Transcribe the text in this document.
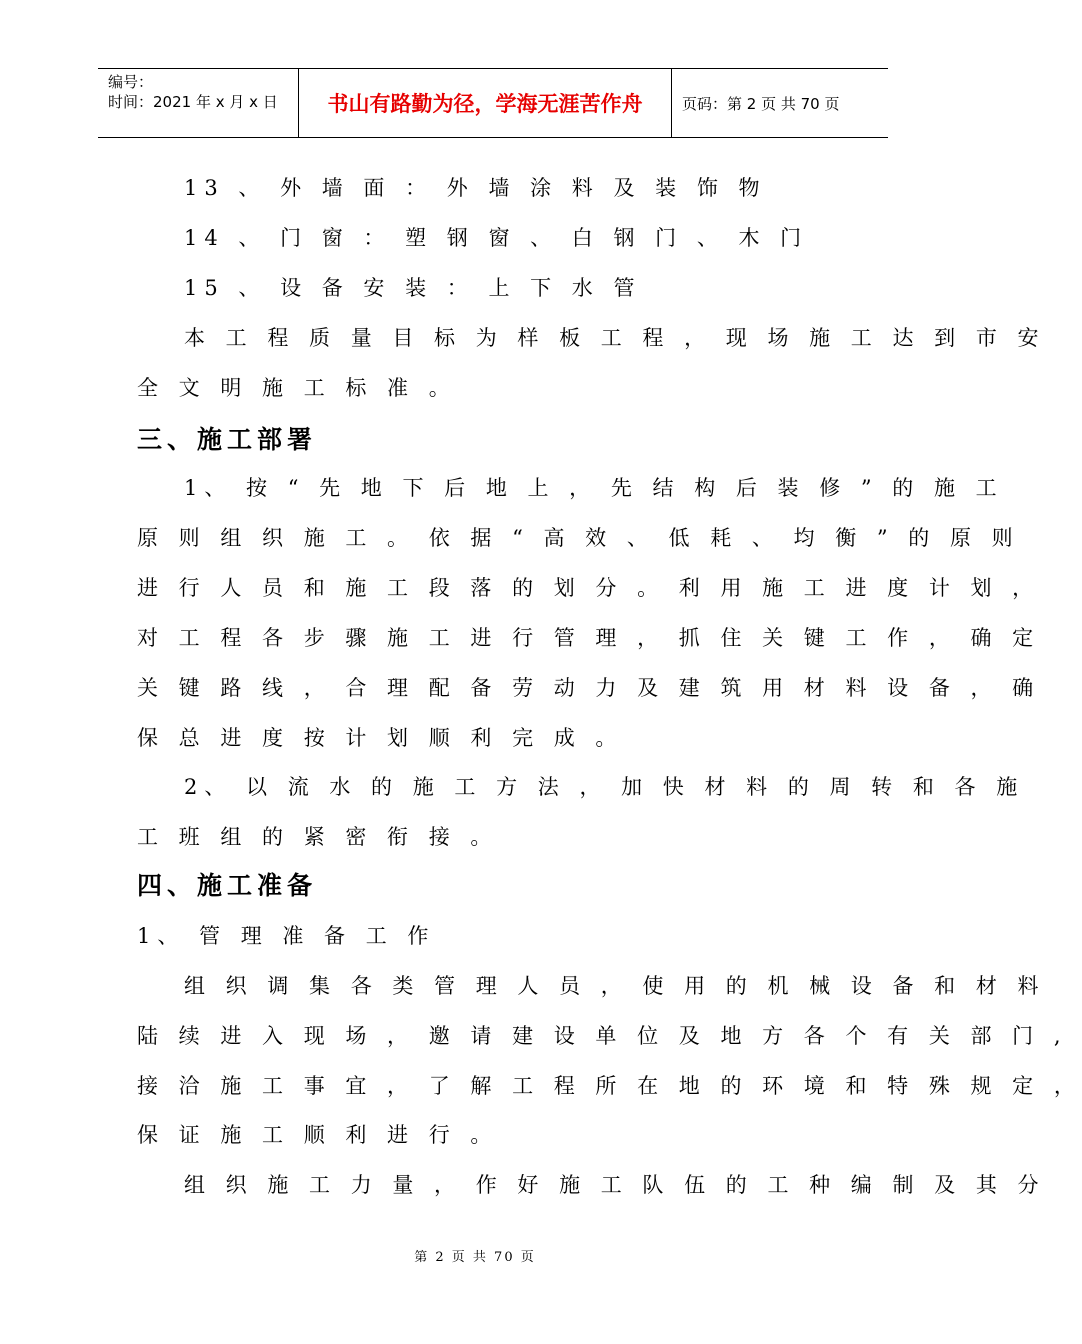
编号：
时间：2021 年 x 月 x 日 书山有路勤为径，学海无涯苦作舟	页码：第 2 页 共 70 页
13 、 外 墙 面 ： 外 墙 涂 料 及 装 饰 物
14 、 门 窗 ： 塑 钢 窗 、 白 钢 门 、 木 门
15 、 设 备 安 装 ： 上 下 水 管
本 工 程 质 量 目 标 为 样 板 工 程 ， 现 场 施 工 达 到 市 安
全 文 明 施 工 标 准 。
三、施工部署
1、 按 “ 先 地 下 后 地 上 ， 先 结 构 后 装 修 ” 的 施 工
原 则 组 织 施 工 。 依 据 “ 高 效 、 低 耗 、 均 衡 ” 的 原 则
进 行 人 员 和 施 工 段 落 的 划 分 。 利 用 施 工 进 度 计 划 ，
对 工 程 各 步 骤 施 工 进 行 管 理 ， 抓 住 关 键 工 作 ， 确 定
关 键 路 线 ， 合 理 配 备 劳 动 力 及 建 筑 用 材 料 设 备 ， 确
保 总 进 度 按 计 划 顺 利 完 成 。
2、 以 流 水 的 施 工 方 法 ， 加 快 材 料 的 周 转 和 各 施
工 班 组 的 紧 密 衔 接 。
四、施工准备
1、 管 理 准 备 工 作
组 织 调 集 各 类 管 理 人 员 ， 使 用 的 机 械 设 备 和 材 料
陆 续 进 入 现 场 ， 邀 请 建 设 单 位 及 地 方 各 个 有 关 部 门 ,
接 洽 施 工 事 宜 ， 了 解 工 程 所 在 地 的 环 境 和 特 殊 规 定 ，
保 证 施 工 顺 利 进 行 。
组 织 施 工 力 量 ， 作 好 施 工 队 伍 的 工 种 编 制 及 其 分
第 2 页 共 70 页
